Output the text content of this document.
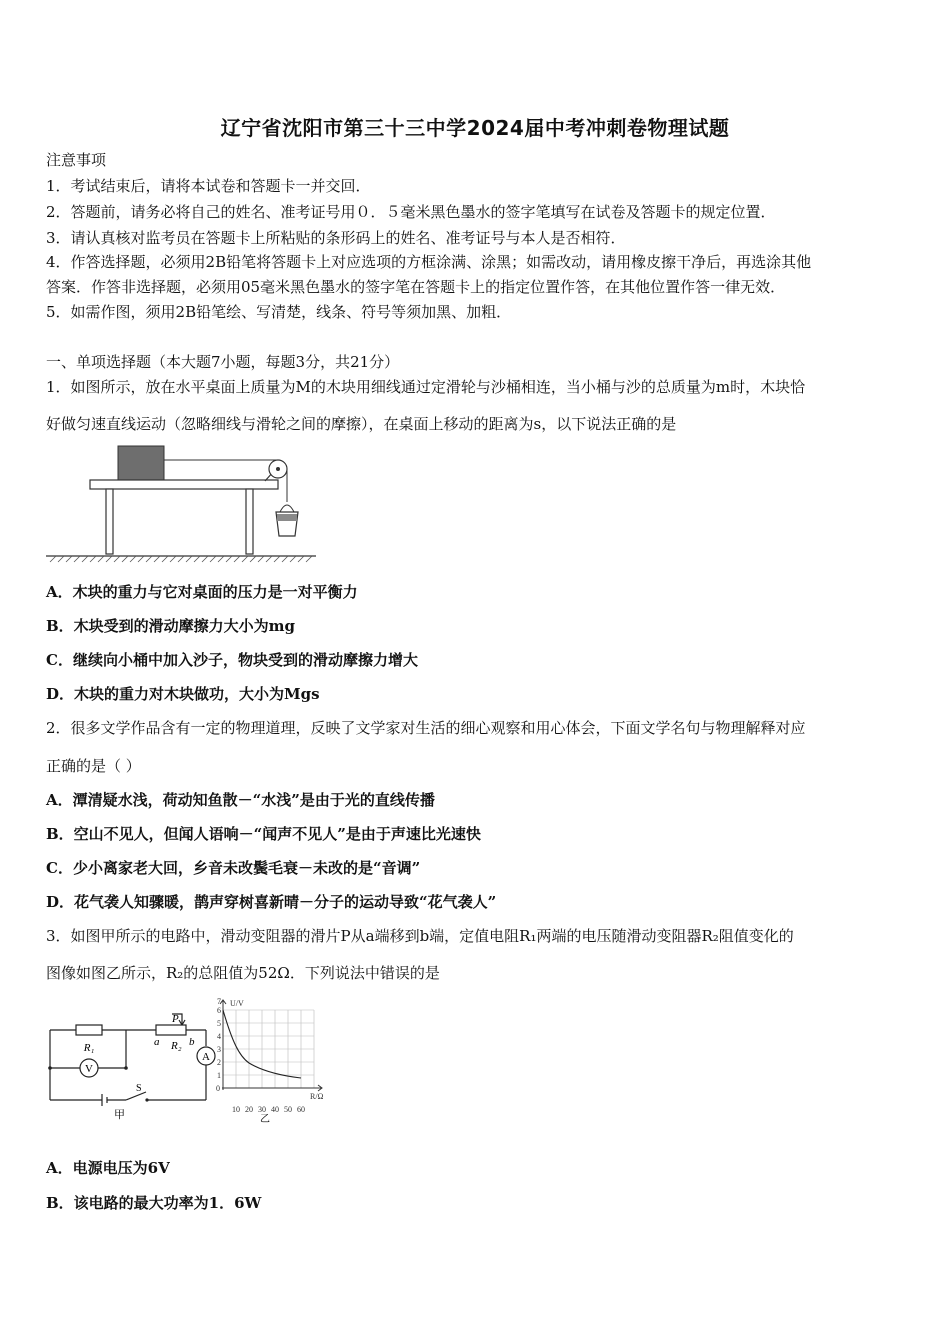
辽宁省沈阳市第三十三中学2024届中考冲刺卷物理试题
注意事项
1．考试结束后，请将本试卷和答题卡一并交回．
2．答题前，请务必将自己的姓名、准考证号用０．５毫米黑色墨水的签字笔填写在试卷及答题卡的规定位置．
3．请认真核对监考员在答题卡上所粘贴的条形码上的姓名、准考证号与本人是否相符．
4．作答选择题，必须用2B铅笔将答题卡上对应选项的方框涂满、涂黑；如需改动，请用橡皮擦干净后，再选涂其他
答案．作答非选择题，必须用05毫米黑色墨水的签字笔在答题卡上的指定位置作答，在其他位置作答一律无效．
5．如需作图，须用2B铅笔绘、写清楚，线条、符号等须加黑、加粗．
一、单项选择题（本大题7小题，每题3分，共21分）
1．如图所示，放在水平桌面上质量为M的木块用细线通过定滑轮与沙桶相连，当小桶与沙的总质量为m时，木块恰
好做匀速直线运动（忽略细线与滑轮之间的摩擦），在桌面上移动的距离为s，以下说法正确的是
A．木块的重力与它对桌面的压力是一对平衡力
B．木块受到的滑动摩擦力大小为mg
C．继续向小桶中加入沙子，物块受到的滑动摩擦力增大
D．木块的重力对木块做功，大小为Mgs
2．很多文学作品含有一定的物理道理，反映了文学家对生活的细心观察和用心体会，下面文学名句与物理解释对应
正确的是（ ）
A．潭清疑水浅，荷动知鱼散－“水浅”是由于光的直线传播
B．空山不见人，但闻人语响－“闻声不见人”是由于声速比光速快
C．少小离家老大回，乡音未改鬓毛衰－未改的是“音调”
D．花气袭人知骤暖，鹊声穿树喜新晴－分子的运动导致“花气袭人”
3．如图甲所示的电路中，滑动变阻器的滑片P从a端移到b端，定值电阻R₁两端的电压随滑动变阻器R₂阻值变化的
图像如图乙所示，R₂的总阻值为52Ω．下列说法中错误的是
R₁
P
a R₂ b
A
V
S
甲
U/V
R/Ω
0
1
2
3
4
5
6
7
10 20 30 40 50 60
乙
A．电源电压为6V
B．该电路的最大功率为1．6W
